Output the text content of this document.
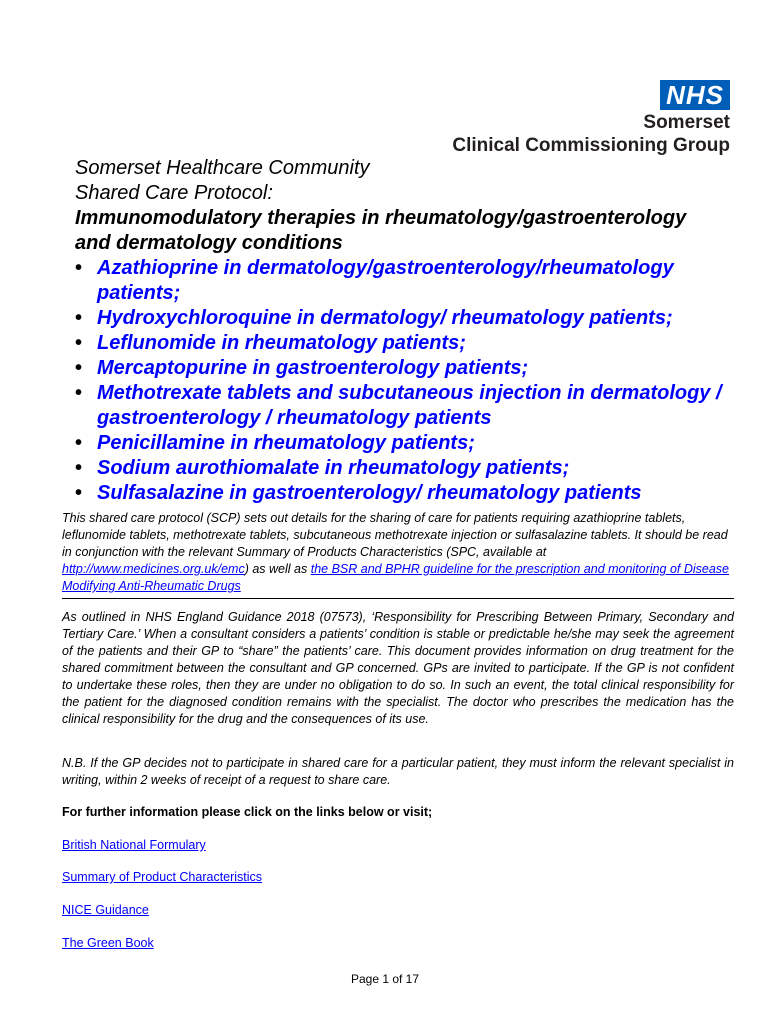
NHS
Somerset
Clinical Commissioning Group
Somerset Healthcare Community
Shared Care Protocol:
Immunomodulatory therapies in rheumatology/gastroenterology
and dermatology conditions
• Azathioprine in dermatology/gastroenterology/rheumatology patients;
• Hydroxychloroquine in dermatology/ rheumatology patients;
• Leflunomide in rheumatology patients;
• Mercaptopurine in gastroenterology patients;
• Methotrexate tablets and subcutaneous injection in dermatology / gastroenterology / rheumatology patients
• Penicillamine in rheumatology patients;
• Sodium aurothiomalate in rheumatology patients;
• Sulfasalazine in gastroenterology/ rheumatology patients
This shared care protocol (SCP) sets out details for the sharing of care for patients requiring azathioprine tablets, leflunomide tablets, methotrexate tablets, subcutaneous methotrexate injection or sulfasalazine tablets. It should be read in conjunction with the relevant Summary of Products Characteristics (SPC, available at http://www.medicines.org.uk/emc) as well as the BSR and BPHR guideline for the prescription and monitoring of Disease Modifying Anti-Rheumatic Drugs
As outlined in NHS England Guidance 2018 (07573), ‘Responsibility for Prescribing Between Primary, Secondary and Tertiary Care.’ When a consultant considers a patients’ condition is stable or predictable he/she may seek the agreement of the patients and their GP to “share” the patients’ care. This document provides information on drug treatment for the shared commitment between the consultant and GP concerned. GPs are invited to participate. If the GP is not confident to undertake these roles, then they are under no obligation to do so. In such an event, the total clinical responsibility for the patient for the diagnosed condition remains with the specialist. The doctor who prescribes the medication has the clinical responsibility for the drug and the consequences of its use.
N.B. If the GP decides not to participate in shared care for a particular patient, they must inform the relevant specialist in writing, within 2 weeks of receipt of a request to share care.
For further information please click on the links below or visit;
British National Formulary
Summary of Product Characteristics
NICE Guidance
The Green Book
Page 1 of 17
